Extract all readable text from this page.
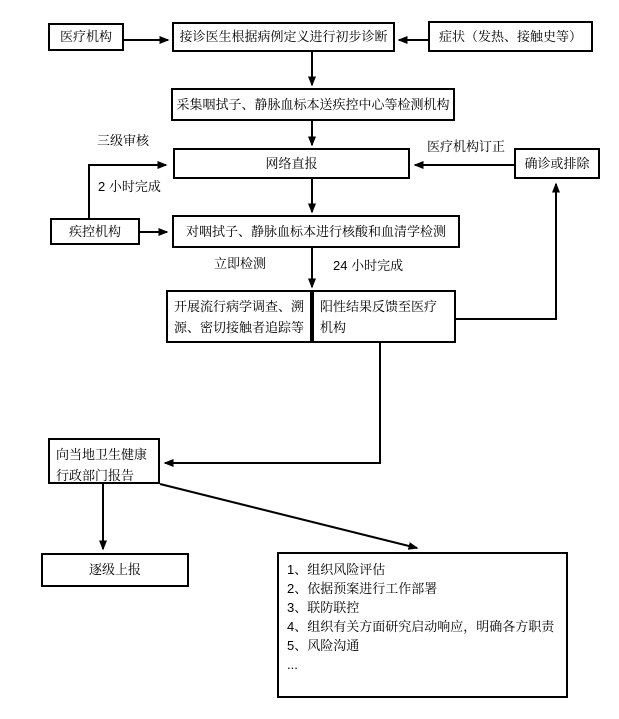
医疗机构	接诊医生根据病例定义进行初步诊断	症状（发热、接触史等）
采集咽拭子、静脉血标本送疾控中心等检测机构
网络直报	确诊或排除
疾控机构	对咽拭子、静脉血标本进行核酸和血清学检测
开展流行病学调查、溯源、密切接触者追踪等
阳性结果反馈至医疗机构
向当地卫生健康行政部门报告
逐级上报	1、组织风险评估
2、依据预案进行工作部署
3、联防联控
4、组织有关方面研究启动响应，明确各方职责
5、风险沟通
...
三级审核
2 小时完成
医疗机构订正
立即检测	24 小时完成
